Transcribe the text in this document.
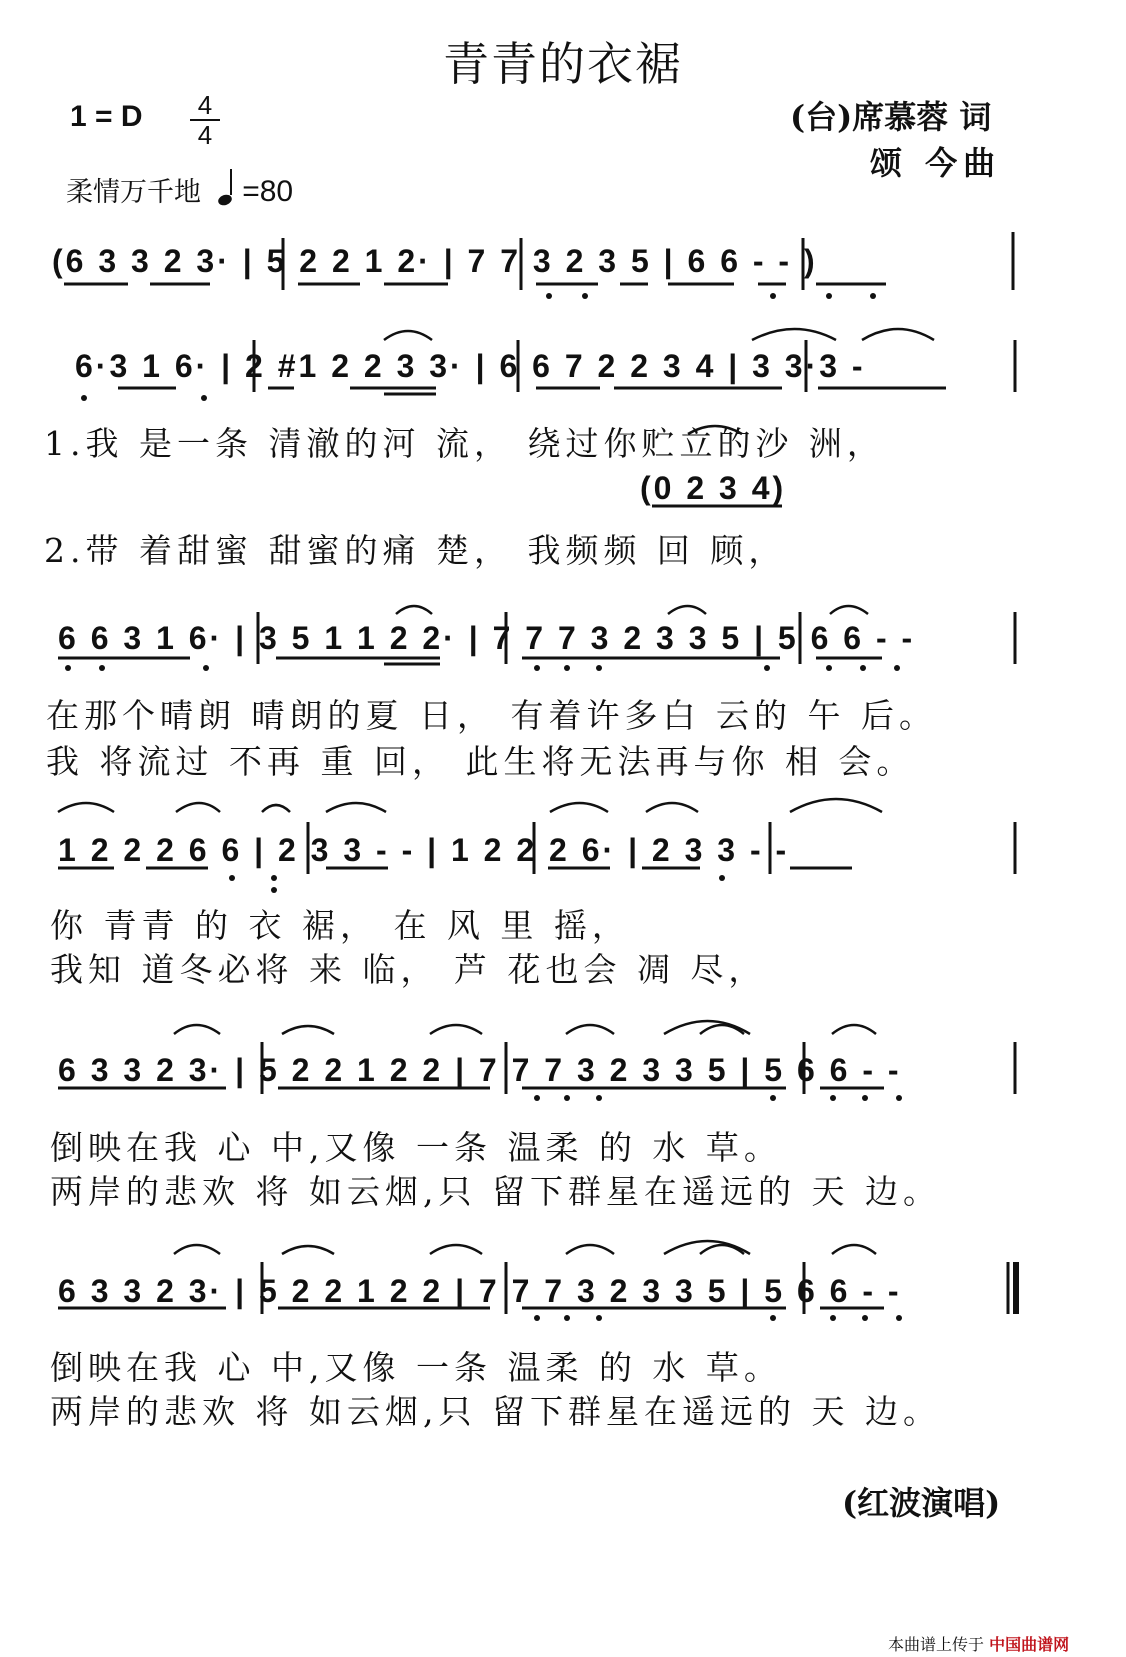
青青的衣裾
1 = D 4
4	(台)席慕蓉 词
颂 今曲
柔情万千地 =80
(6 3 3 2 3· | 5 2 2 1 2· | 7 7 3 2 3 5 | 6 6 - - )
6·3 1 6· | 2 #1 2 2 3 3· | 6 6 7 2 2 3 4 | 3 3·3 -
(0 2 3 4)
6 6 3 1 6· | 3 5 1 1 2 2· | 7 7 7 3 2 3 3 5 | 5 6 6 - -
1 2 2 2 6 6 | 2 3 3 - - | 1 2 2 2 6· | 2 3 3 - -
6 3 3 2 3· | 5 2 2 1 2 2 | 7 7 7 3 2 3 3 5 | 5 6 6 - -
6 3 3 2 3· | 5 2 2 1 2 2 | 7 7 7 3 2 3 3 5 | 5 6 6 - -
1.我 是一条 清澈的河 流， 绕过你贮立的沙 洲，
2.带 着甜蜜 甜蜜的痛 楚， 我频频 回 顾，
在那个晴朗 晴朗的夏 日， 有着许多白 云的 午 后。
我 将流过 不再 重 回， 此生将无法再与你 相 会。
你 青青 的 衣 裾， 在 风 里 摇，
我知 道冬必将 来 临， 芦 花也会 凋 尽，
倒映在我 心 中,又像 一条 温柔 的 水 草。
两岸的悲欢 将 如云烟,只 留下群星在遥远的 天 边。
倒映在我 心 中,又像 一条 温柔 的 水 草。
两岸的悲欢 将 如云烟,只 留下群星在遥远的 天 边。
(红波演唱)
本曲谱上传于 中国曲谱网
